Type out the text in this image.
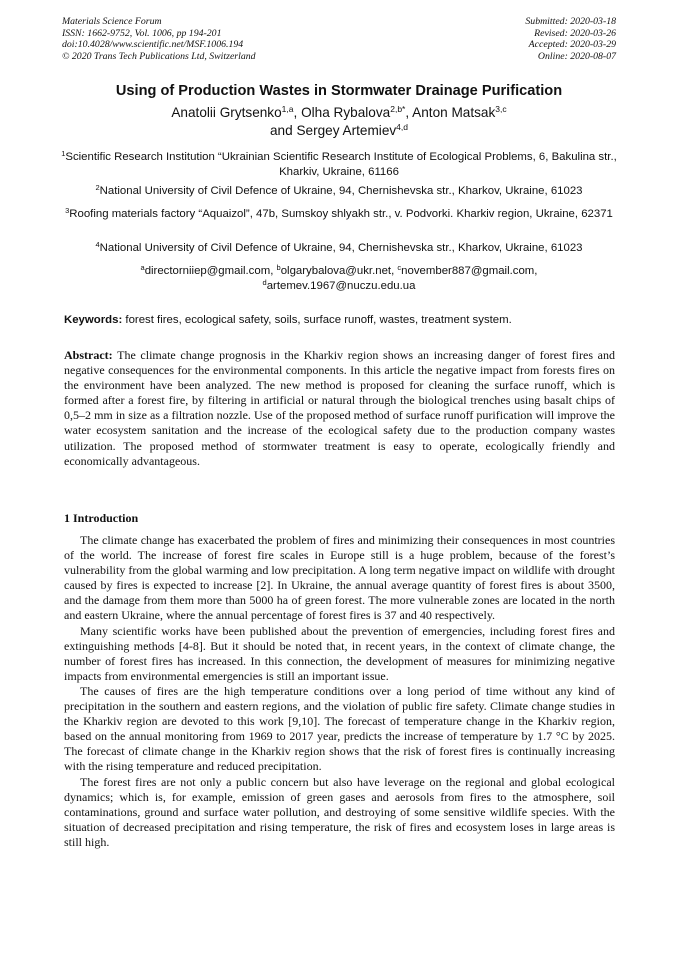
Materials Science Forum
ISSN: 1662-9752, Vol. 1006, pp 194-201
doi:10.4028/www.scientific.net/MSF.1006.194
© 2020 Trans Tech Publications Ltd, Switzerland
Submitted: 2020-03-18
Revised: 2020-03-26
Accepted: 2020-03-29
Online: 2020-08-07
Using of Production Wastes in Stormwater Drainage Purification
Anatolii Grytsenko$^{1,a}$, Olha Rybalova$^{2,b*}$, Anton Matsak$^{3,c}$
and Sergey Artemiev$^{4,d}$
$^1$Scientific Research Institution “Ukrainian Scientific Research Institute of Ecological Problems, 6, Bakulina str., Kharkiv, Ukraine, 61166
$^2$National University of Civil Defence of Ukraine, 94, Chernishevska str., Kharkov, Ukraine, 61023
$^3$Roofing materials factory “Aquaizol”, 47b, Sumskoy shlyakh str., v. Podvorki. Kharkiv region, Ukraine, 62371
$^4$National University of Civil Defence of Ukraine, 94, Chernishevska str., Kharkov, Ukraine, 61023
$^a$directorniiep@gmail.com, $^b$olgarybalova@ukr.net, $^c$november887@gmail.com,
$^d$artemev.1967@nuczu.edu.ua
Keywords: forest fires, ecological safety, soils, surface runoff, wastes, treatment system.
Abstract: The climate change prognosis in the Kharkiv region shows an increasing danger of forest fires and negative consequences for the environmental components. In this article the negative impact from forests fires on the environment have been analyzed. The new method is proposed for cleaning the surface runoff, which is formed after a forest fire, by filtering in artificial or natural through the biological trenches using basalt chips of 0,5–2 mm in size as a filtration nozzle. Use of the proposed method of surface runoff purification will improve the water ecosystem sanitation and the increase of the ecological safety due to the production company wastes utilization. The proposed method of stormwater treatment is easy to operate, ecologically friendly and economically advantageous.
1 Introduction

The climate change has exacerbated the problem of fires and minimizing their consequences in most countries of the world. The increase of forest fire scales in Europe still is a huge problem, because of the forest’s vulnerability from the global warming and low precipitation. A long term negative impact on wildlife with drought caused by fires is expected to increase [2]. In Ukraine, the annual average quantity of forest fires is about 3500, and the damage from them more than 5000 ha of green forest. The more vulnerable zones are located in the north and eastern Ukraine, where the annual percentage of forest fires is 37 and 40 respectively.

Many scientific works have been published about the prevention of emergencies, including forest fires and extinguishing methods [4-8]. But it should be noted that, in recent years, in the context of climate change, the number of forest fires has increased. In this connection, the development of measures for minimizing negative impacts from environmental emergencies is still an important issue.

The causes of fires are the high temperature conditions over a long period of time without any kind of precipitation in the southern and eastern regions, and the violation of public fire safety. Climate change studies in the Kharkiv region are devoted to this work [9,10]. The forecast of temperature change in the Kharkiv region, based on the annual monitoring from 1969 to 2017 year, predicts the increase of temperature by 1.7 °C by 2025. The forecast of climate change in the Kharkiv region shows that the risk of forest fires is continually increasing with the rising temperature and reduced precipitation.

The forest fires are not only a public concern but also have leverage on the regional and global ecological dynamics; which is, for example, emission of green gases and aerosols from fires to the atmosphere, soil contaminations, ground and surface water pollution, and destroying of some sensitive wildlife species. With the situation of decreased precipitation and rising temperature, the risk of fires and ecosystem loses in large areas is still high.
